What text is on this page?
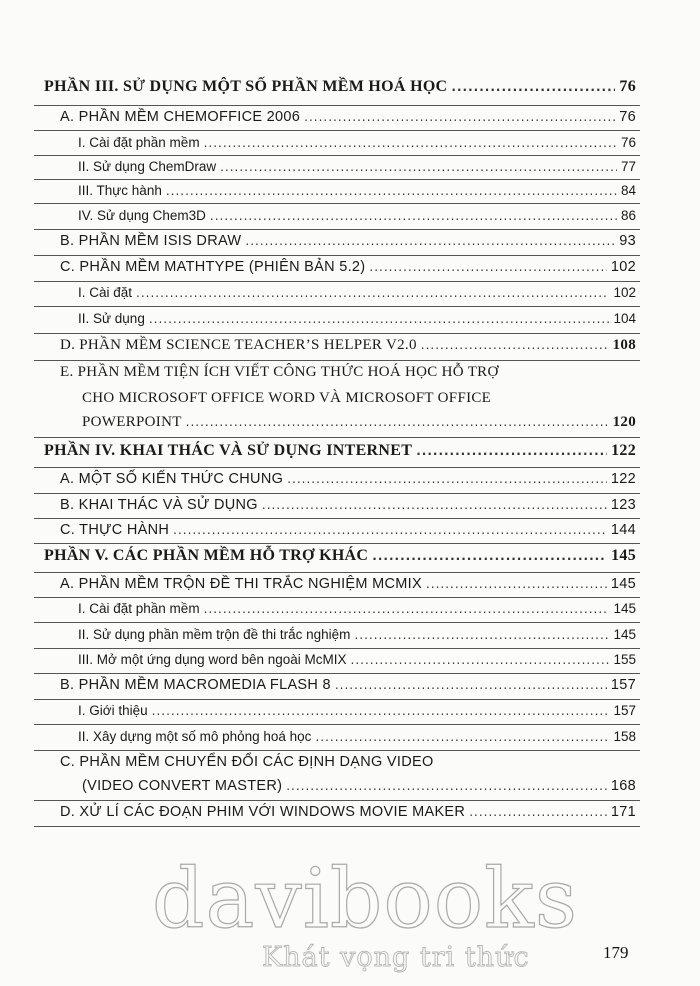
PHẦN III. SỬ DỤNG MỘT SỐ PHẦN MỀM HOÁ HỌC .....	76
A. PHẦN MỀM CHEMOFFICE 2006 .....	76
I. Cài đặt phần mềm .....	76
II. Sử dụng ChemDraw .....	77
III. Thực hành .....	84
IV. Sử dụng Chem3D .....	86
B. PHẦN MỀM ISIS DRAW .....	93
C. PHẦN MỀM MATHTYPE (PHIÊN BẢN 5.2) .....	102
I. Cài đặt .....	102
II. Sử dụng .....	104
D. PHẦN MỀM SCIENCE TEACHER’S HELPER V2.0 .....	108
E. PHẦN MỀM TIỆN ÍCH VIẾT CÔNG THỨC HOÁ HỌC HỖ TRỢ
CHO MICROSOFT OFFICE WORD VÀ MICROSOFT OFFICE
POWERPOINT .....	120
PHẦN IV. KHAI THÁC VÀ SỬ DỤNG INTERNET .....	122
A. MỘT SỐ KIẾN THỨC CHUNG .....	122
B. KHAI THÁC VÀ SỬ DỤNG .....	123
C. THỰC HÀNH .....	144
PHẦN V. CÁC PHẦN MỀM HỖ TRỢ KHÁC .....	145
A. PHẦN MỀM TRỘN ĐỀ THI TRẮC NGHIỆM MCMIX .....	145
I. Cài đặt phần mềm .....	145
II. Sử dụng phần mềm trộn đề thi trắc nghiệm .....	145
III. Mở một ứng dụng word bên ngoài McMIX .....	155
B. PHẦN MỀM MACROMEDIA FLASH 8 .....	157
I. Giới thiệu .....	157
II. Xây dựng một số mô phỏng hoá học .....	158
C. PHẦN MỀM CHUYỂN ĐỔI CÁC ĐỊNH DẠNG VIDEO
(VIDEO CONVERT MASTER) .....	168
D. XỬ LÍ CÁC ĐOẠN PHIM VỚI WINDOWS MOVIE MAKER .....	171
davibooks
Khát vọng tri thức	179
